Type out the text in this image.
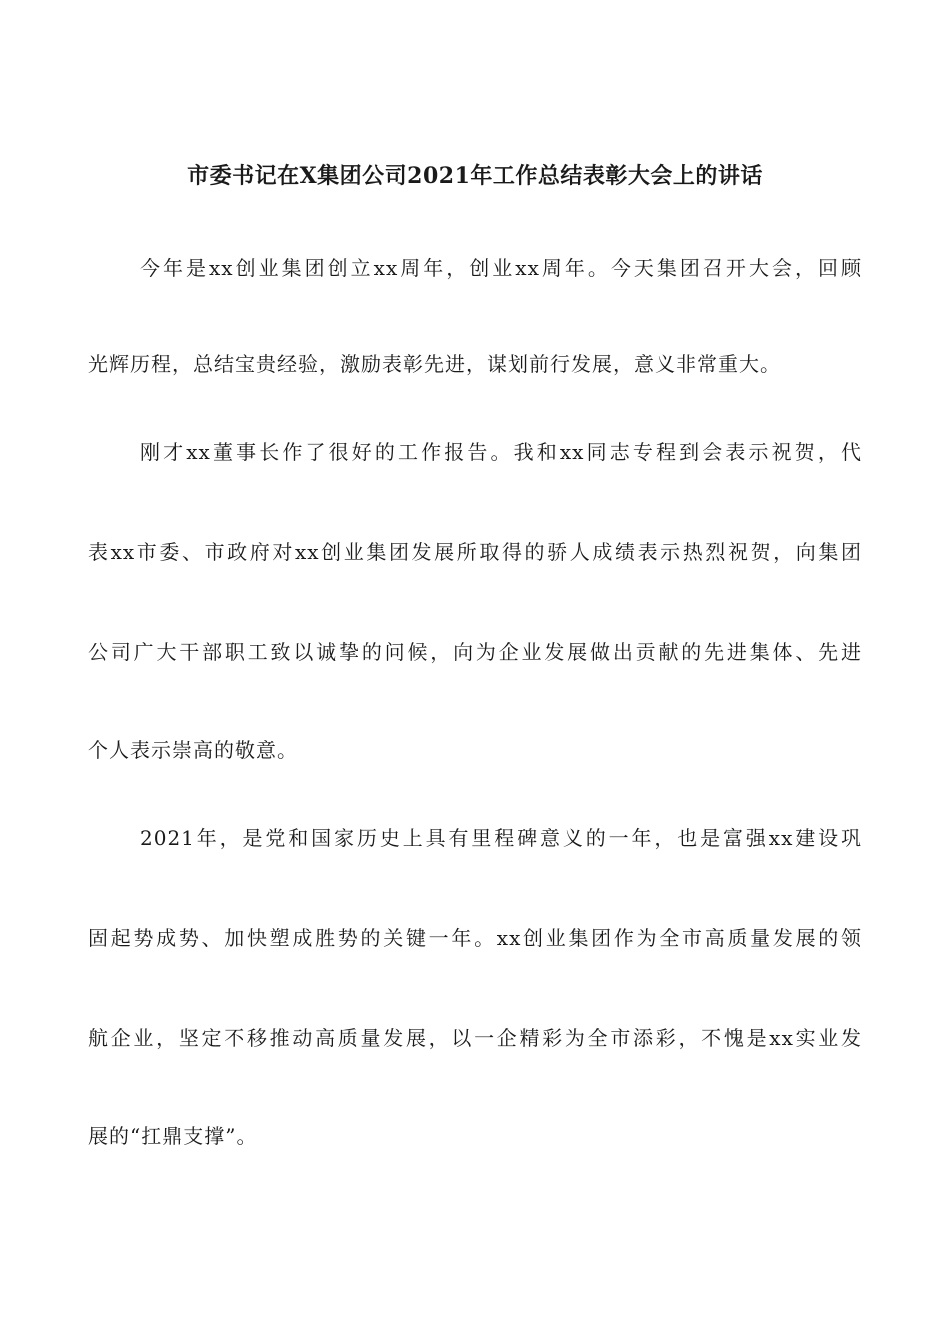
市委书记在X集团公司2021年工作总结表彰大会上的讲话

今年是xx创业集团创立xx周年，创业xx周年。今天集团召开大会，回顾

光辉历程，总结宝贵经验，激励表彰先进，谋划前行发展，意义非常重大。

刚才xx董事长作了很好的工作报告。我和xx同志专程到会表示祝贺，代

表xx市委、市政府对xx创业集团发展所取得的骄人成绩表示热烈祝贺，向集团

公司广大干部职工致以诚挚的问候，向为企业发展做出贡献的先进集体、先进

个人表示崇高的敬意。

2021年，是党和国家历史上具有里程碑意义的一年，也是富强xx建设巩

固起势成势、加快塑成胜势的关键一年。xx创业集团作为全市高质量发展的领

航企业，坚定不移推动高质量发展，以一企精彩为全市添彩，不愧是xx实业发

展的“扛鼎支撑”。
